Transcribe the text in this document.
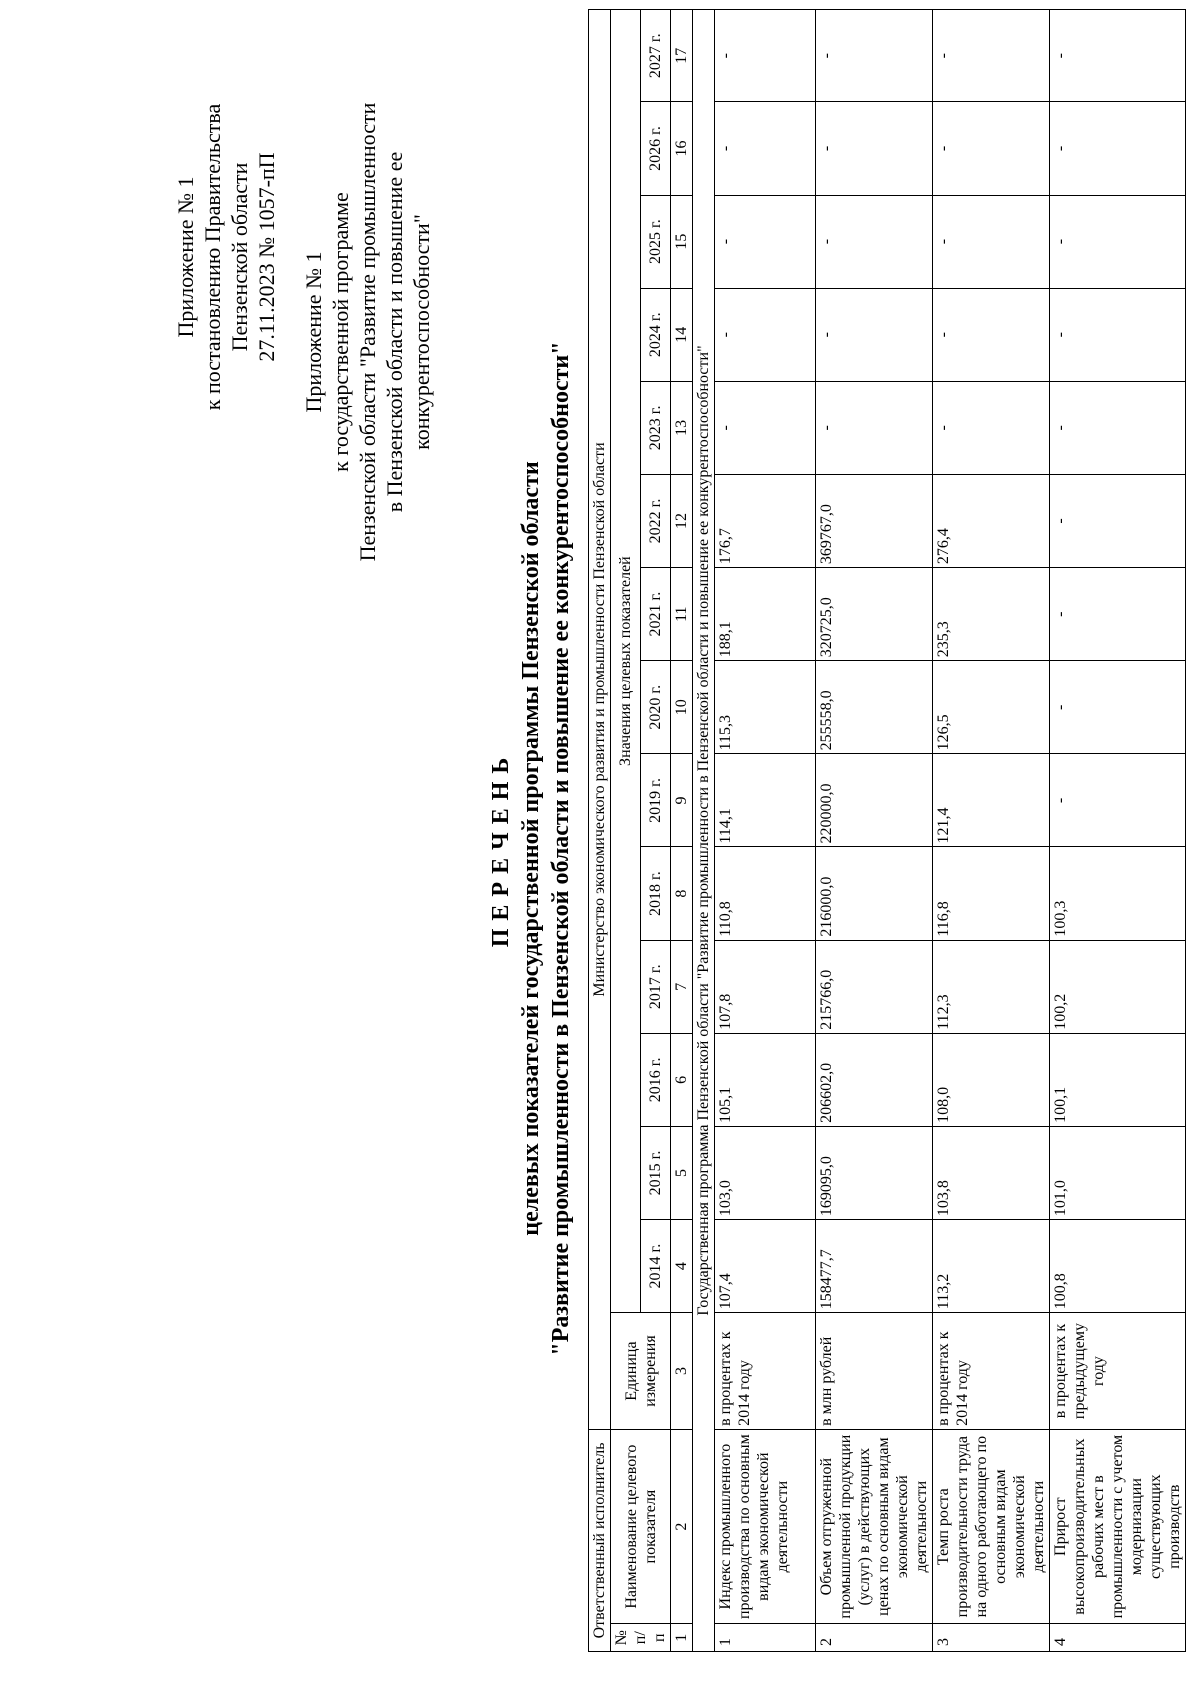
Приложение № 1 к постановлению Правительства Пензенской области 27.11.2023 № 1057-пП Приложение № 1 к государственной программе Пензенской области "Развитие промышленности в Пензенской области и повышение ее конкурентоспособности"
ПЕРЕЧЕНЬ целевых показателей государственной программы Пензенской области "Развитие промышленности в Пензенской области и повышение ее конкурентоспособности"
Ответственный исполнитель		Министерство экономического развития и промышленности Пензенской области														
№ п/п	Наименование целевого показателя	Единица измерения	Значения целевых показателей													
			2014 г.	2015 г.	2016 г.	2017 г.	2018 г.	2019 г.	2020 г.	2021 г.	2022 г.	2023 г.	2024 г.	2025 г.	2026 г.	2027 г.
1	2	3	4	5	6	7	8	9	10	11	12	13	14	15	16	17
Государственная программа Пензенской области "Развитие промышленности в Пензенской области и повышение ее конкурентоспособности"																
1	Индекс промышленного производства по основным видам экономической деятельности	в процентах к 2014 году	107,4	103,0	105,1	107,8	110,8	114,1	115,3	188,1	176,7	-	-	-	-	-
2	Объем отгруженной промышленной продукции (услуг) в действующих ценах по основным видам экономической деятельности	в млн рублей	158477,7	169095,0	206602,0	215766,0	216000,0	220000,0	255558,0	320725,0	369767,0	-	-	-	-	-
3	Темп роста производительности труда на одного работающего по основным видам экономической деятельности	в процентах к 2014 году	113,2	103,8	108,0	112,3	116,8	121,4	126,5	235,3	276,4	-	-	-	-	-
4	Прирост высокопроизводительных рабочих мест в промышленности с учетом модернизации существующих производств	в процентах к предыдущему году	100,8	101,0	100,1	100,2	100,3	-	-	-	-	-	-	-	-	-
